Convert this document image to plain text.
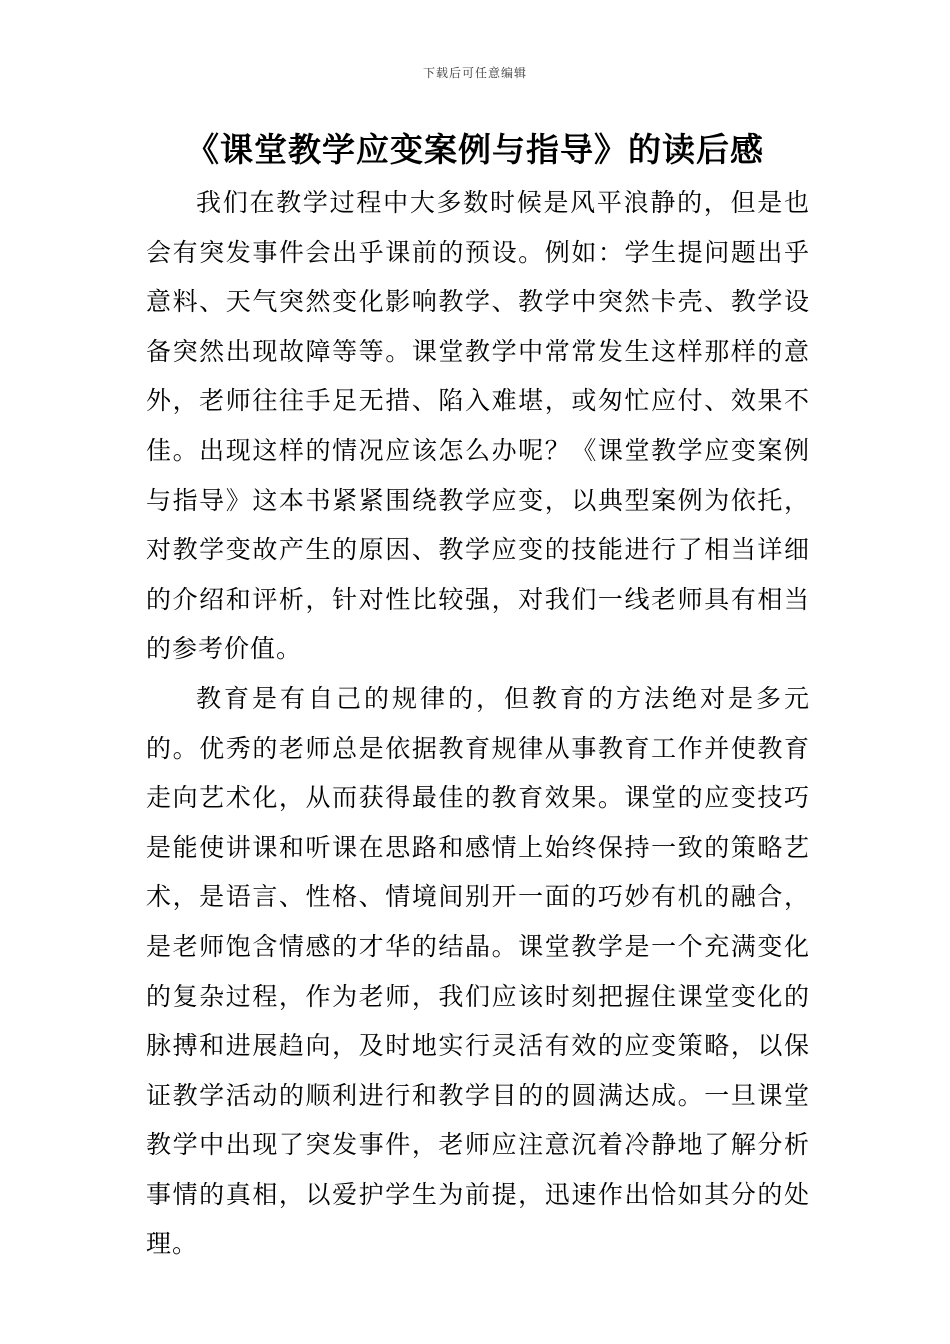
下载后可任意编辑
《课堂教学应变案例与指导》的读后感

我们在教学过程中大多数时候是风平浪静的，但是也会有突发事件会出乎课前的预设。例如：学生提问题出乎意料、天气突然变化影响教学、教学中突然卡壳、教学设备突然出现故障等等。课堂教学中常常发生这样那样的意外，老师往往手足无措、陷入难堪，或匆忙应付、效果不佳。出现这样的情况应该怎么办呢？《课堂教学应变案例与指导》这本书紧紧围绕教学应变，以典型案例为依托，对教学变故产生的原因、教学应变的技能进行了相当详细的介绍和评析，针对性比较强，对我们一线老师具有相当的参考价值。

教育是有自己的规律的，但教育的方法绝对是多元的。优秀的老师总是依据教育规律从事教育工作并使教育走向艺术化，从而获得最佳的教育效果。课堂的应变技巧是能使讲课和听课在思路和感情上始终保持一致的策略艺术，是语言、性格、情境间别开一面的巧妙有机的融合，是老师饱含情感的才华的结晶。课堂教学是一个充满变化的复杂过程，作为老师，我们应该时刻把握住课堂变化的脉搏和进展趋向，及时地实行灵活有效的应变策略，以保证教学活动的顺利进行和教学目的的圆满达成。一旦课堂教学中出现了突发事件，老师应注意沉着冷静地了解分析事情的真相，以爱护学生为前提，迅速作出恰如其分的处理。
